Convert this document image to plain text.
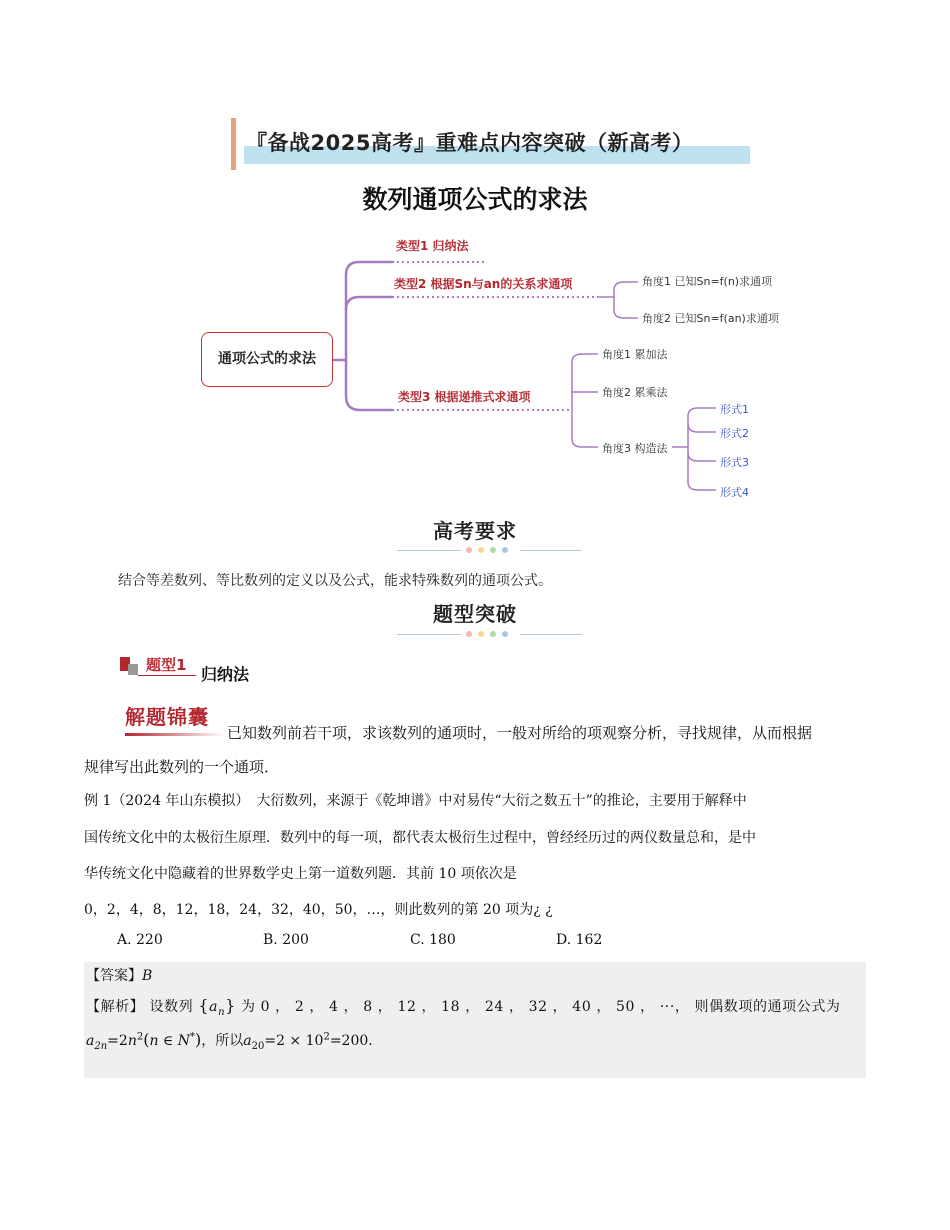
『备战2025高考』重难点内容突破（新高考）
数列通项公式的求法
通项公式的求法
类型1 归纳法
类型2 根据Sn与an的关系求通项
类型3 根据递推式求通项
角度1 已知Sn=f(n)求通项
角度2 已知Sn=f(an)求通项
角度1 累加法
角度2 累乘法
角度3 构造法
形式1
形式2
形式3
形式4
高考要求
结合等差数列、等比数列的定义以及公式，能求特殊数列的通项公式。
题型突破
题型1 归纳法
解题锦囊
已知数列前若干项，求该数列的通项时，一般对所给的项观察分析，寻找规律，从而根据
规律写出此数列的一个通项．
例 1（2024 年山东模拟）　大衍数列，来源于《乾坤谱》中对易传“大衍之数五十”的推论，主要用于解释中
国传统文化中的太极衍生原理．数列中的每一项，都代表太极衍生过程中，曾经经历过的两仪数量总和，是中
华传统文化中隐藏着的世界数学史上第一道数列题．其前 10 项依次是
0，2，4，8，12，18，24，32，40，50，…，则此数列的第 20 项为¿ ¿
A. 220	B. 200	C. 180	D. 162
【答案】B
【解析】 设数列 $\{a_n\}$ 为 0 ， 2 ， 4 ， 8 ， 12 ， 18 ， 24 ， 32 ， 40 ， 50 ， ···， 则偶数项的通项公式为
$a_{2n}=2n^2(n$ ∈ N*)，所以$a_{20}=2 \times 10^2=200$.
